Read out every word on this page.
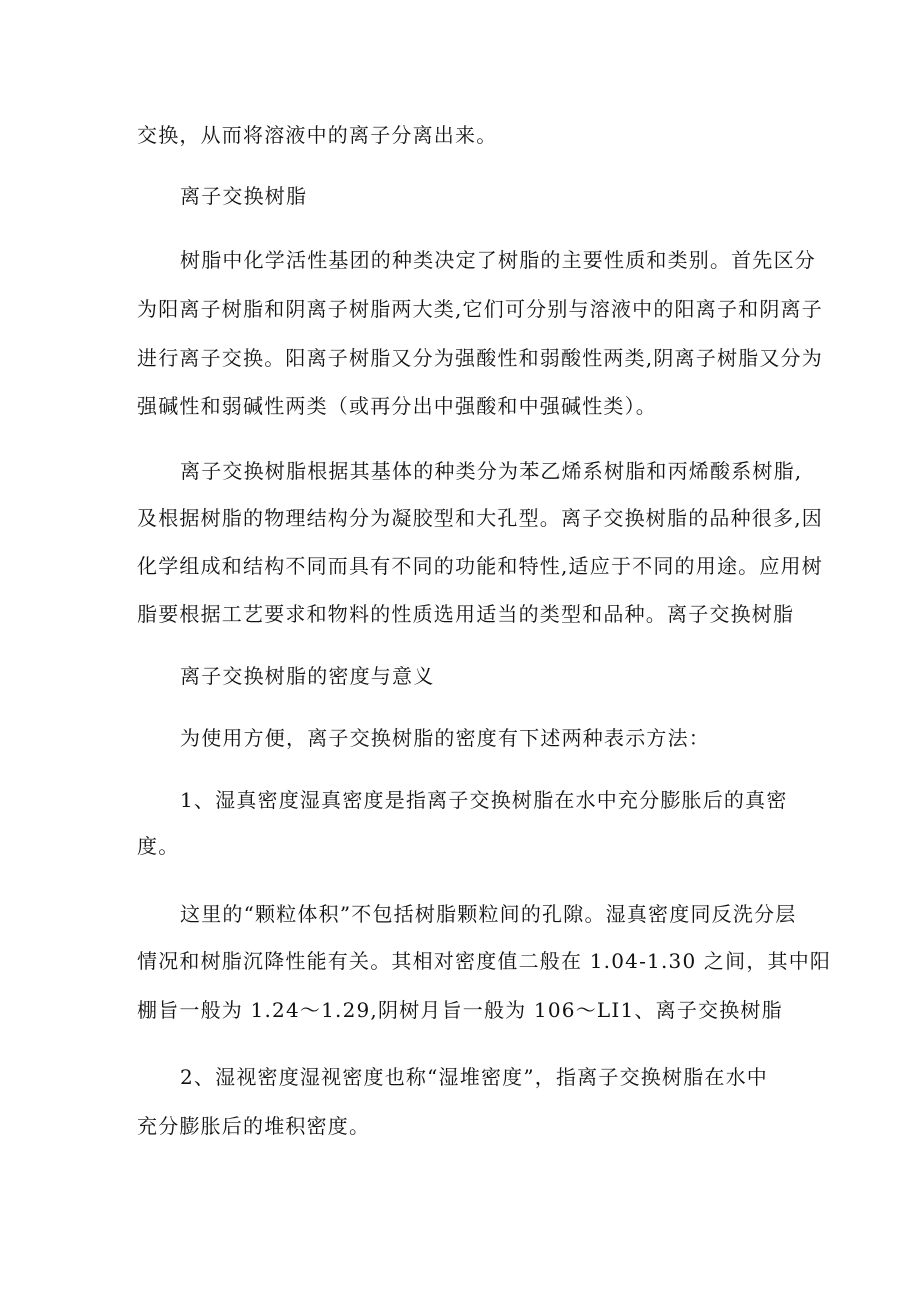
交换，从而将溶液中的离子分离出来。
离子交换树脂
树脂中化学活性基团的种类决定了树脂的主要性质和类别。首先区分
为阳离子树脂和阴离子树脂两大类,它们可分别与溶液中的阳离子和阴离子
进行离子交换。阳离子树脂又分为强酸性和弱酸性两类,阴离子树脂又分为
强碱性和弱碱性两类（或再分出中强酸和中强碱性类）。
离子交换树脂根据其基体的种类分为苯乙烯系树脂和丙烯酸系树脂,
及根据树脂的物理结构分为凝胶型和大孔型。离子交换树脂的品种很多,因
化学组成和结构不同而具有不同的功能和特性,适应于不同的用途。应用树
脂要根据工艺要求和物料的性质选用适当的类型和品种。离子交换树脂
离子交换树脂的密度与意义
为使用方便，离子交换树脂的密度有下述两种表示方法：
1、湿真密度湿真密度是指离子交换树脂在水中充分膨胀后的真密
度。
这里的“颗粒体积”不包括树脂颗粒间的孔隙。湿真密度同反洗分层
情况和树脂沉降性能有关。其相对密度值二般在 1.04-1.30 之间，其中阳
棚旨一般为 1.24～1.29,阴树月旨一般为 106～LI1、离子交换树脂
2、湿视密度湿视密度也称“湿堆密度”，指离子交换树脂在水中
充分膨胀后的堆积密度。
